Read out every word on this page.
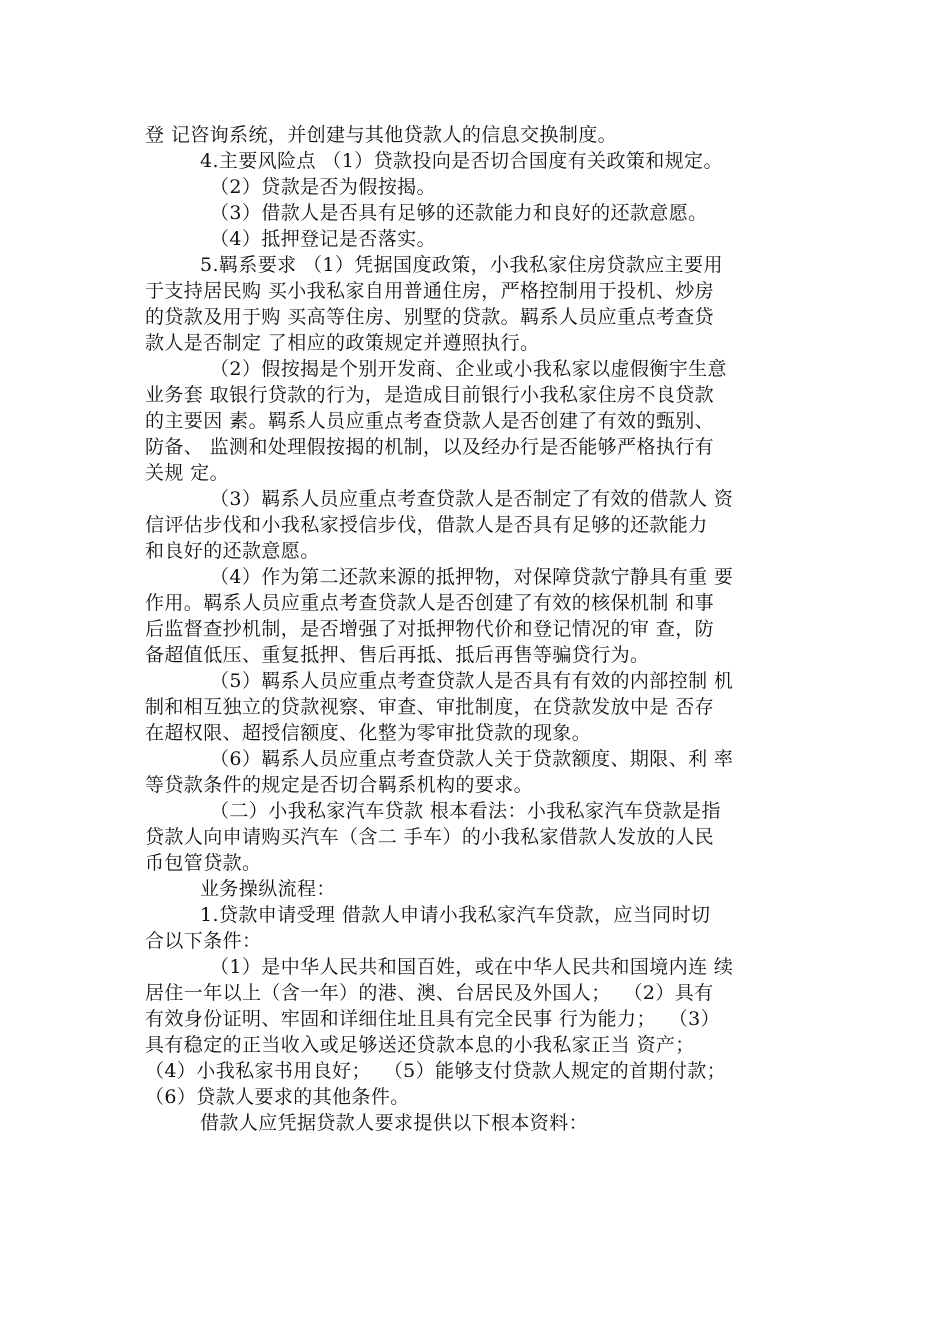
登 记咨询系统，并创建与其他贷款人的信息交换制度。
4.主要风险点 （1）贷款投向是否切合国度有关政策和规定。
（2）贷款是否为假按揭。
（3）借款人是否具有足够的还款能力和良好的还款意愿。
（4）抵押登记是否落实。
5.羁系要求 （1）凭据国度政策，小我私家住房贷款应主要用
于支持居民购 买小我私家自用普通住房，严格控制用于投机、炒房
的贷款及用于购 买高等住房、别墅的贷款。羁系人员应重点考查贷
款人是否制定 了相应的政策规定并遵照执行。
（2）假按揭是个别开发商、企业或小我私家以虚假衡宇生意
业务套 取银行贷款的行为，是造成目前银行小我私家住房不良贷款
的主要因 素。羁系人员应重点考查贷款人是否创建了有效的甄别、
防备、 监测和处理假按揭的机制，以及经办行是否能够严格执行有
关规 定。
（3）羁系人员应重点考查贷款人是否制定了有效的借款人 资
信评估步伐和小我私家授信步伐，借款人是否具有足够的还款能力
和良好的还款意愿。
（4）作为第二还款来源的抵押物，对保障贷款宁静具有重 要
作用。羁系人员应重点考查贷款人是否创建了有效的核保机制 和事
后监督查抄机制，是否增强了对抵押物代价和登记情况的审 查，防
备超值低压、重复抵押、售后再抵、抵后再售等骗贷行为。
（5）羁系人员应重点考查贷款人是否具有有效的内部控制 机
制和相互独立的贷款视察、审查、审批制度，在贷款发放中是 否存
在超权限、超授信额度、化整为零审批贷款的现象。
（6）羁系人员应重点考查贷款人关于贷款额度、期限、利 率
等贷款条件的规定是否切合羁系机构的要求。
（二）小我私家汽车贷款 根本看法：小我私家汽车贷款是指
贷款人向申请购买汽车（含二 手车）的小我私家借款人发放的人民
币包管贷款。
业务操纵流程：
1.贷款申请受理 借款人申请小我私家汽车贷款，应当同时切
合以下条件：
（1）是中华人民共和国百姓，或在中华人民共和国境内连 续
居住一年以上（含一年）的港、澳、台居民及外国人；  （2）具有
有效身份证明、牢固和详细住址且具有完全民事 行为能力；  （3）
具有稳定的正当收入或足够送还贷款本息的小我私家正当 资产；
（4）小我私家书用良好；  （5）能够支付贷款人规定的首期付款；
（6）贷款人要求的其他条件。
借款人应凭据贷款人要求提供以下根本资料：
